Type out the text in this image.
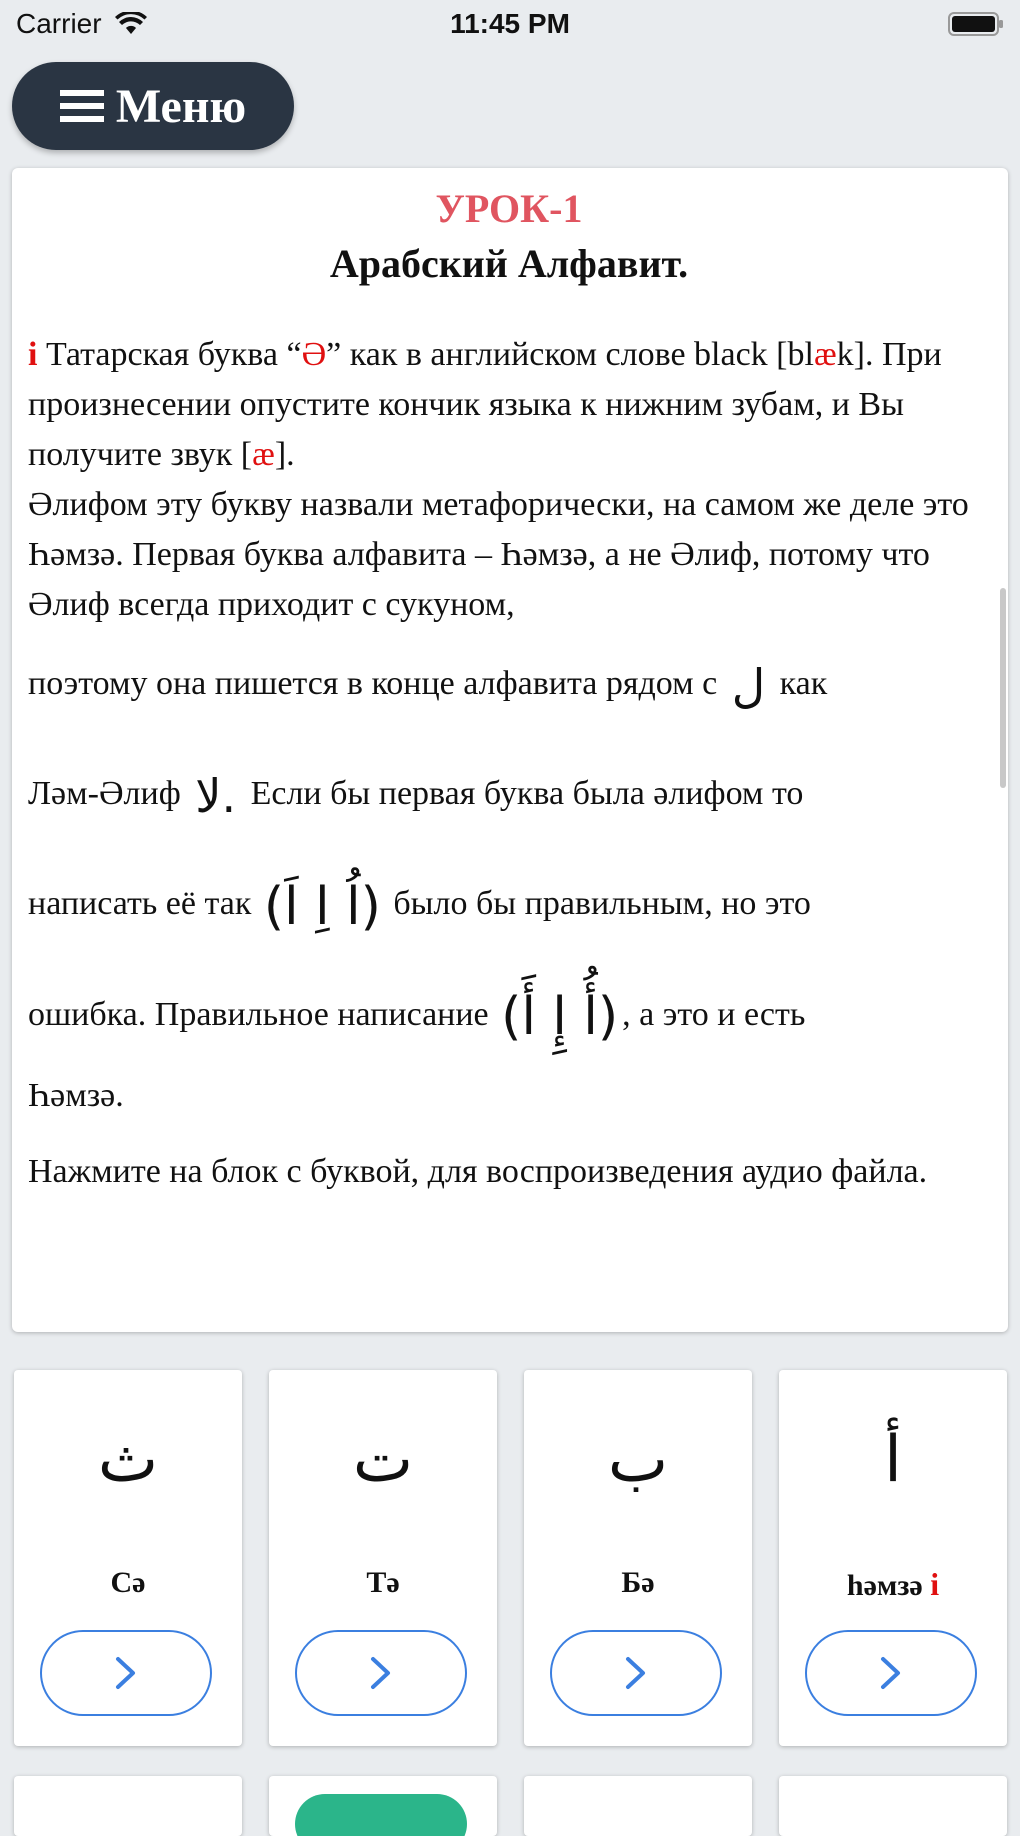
Carrier	11:45 PM
Меню
УРОК-1
Арабский Алфавит.

i Татарская буква “Ә” как в английском слове black [blæk]. При произнесении опустите кончик языка к нижним зубам, и Вы получите звук [æ].
Әлифом эту букву назвали метафорически, на самом же деле это Һәмзә. Первая буква алфавита – Һәмзә, а не Әлиф, потому что Әлиф всегда приходит с сукуном,
поэтому она пишется в конце алфавита рядом с ل как
Ләм-Әлиф لا. Если бы первая буква была әлифом то
написать её так (اُ اِ اَ) было бы правильным, но это
ошибка. Правильное написание (أُ إِ أَ) , а это и есть
Һәмзә.

Нажмите на блок с буквой, для воспроизведения аудио файла.

ث
Сә
ت
Тә
ب
Бә
أ
һәмзә i
